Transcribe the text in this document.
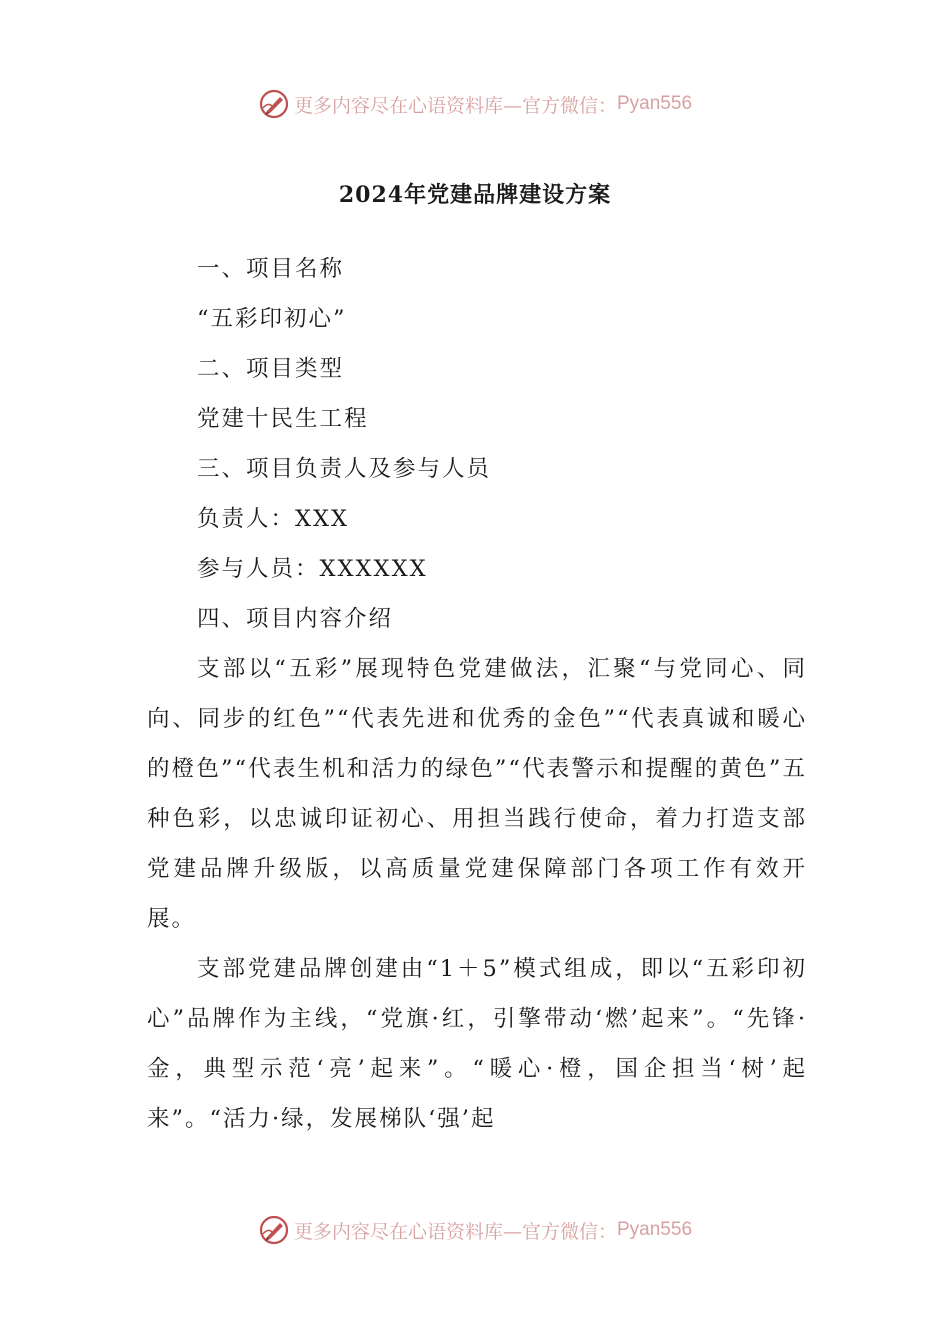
更多内容尽在心语资料库—官方微信： Pyan556
2024年党建品牌建设方案

一、项目名称

“五彩印初心”

二、项目类型

党建十民生工程

三、项目负责人及参与人员

负责人：XXX

参与人员：XXXXXX

四、项目内容介绍

支部以“五彩”展现特色党建做法，汇聚“与党同心、同向、同步的红色”“代表先进和优秀的金色”“代表真诚和暖心的橙色”“代表生机和活力的绿色”“代表警示和提醒的黄色”五种色彩，以忠诚印证初心、用担当践行使命，着力打造支部党建品牌升级版，以高质量党建保障部门各项工作有效开展。

支部党建品牌创建由“1＋5”模式组成，即以“五彩印初心”品牌作为主线，“党旗·红，引擎带动‘燃’起来”。“先锋·金，典型示范‘亮’起来”。“暖心·橙，国企担当‘树’起来”。“活力·绿，发展梯队‘强’起

更多内容尽在心语资料库—官方微信： Pyan556
